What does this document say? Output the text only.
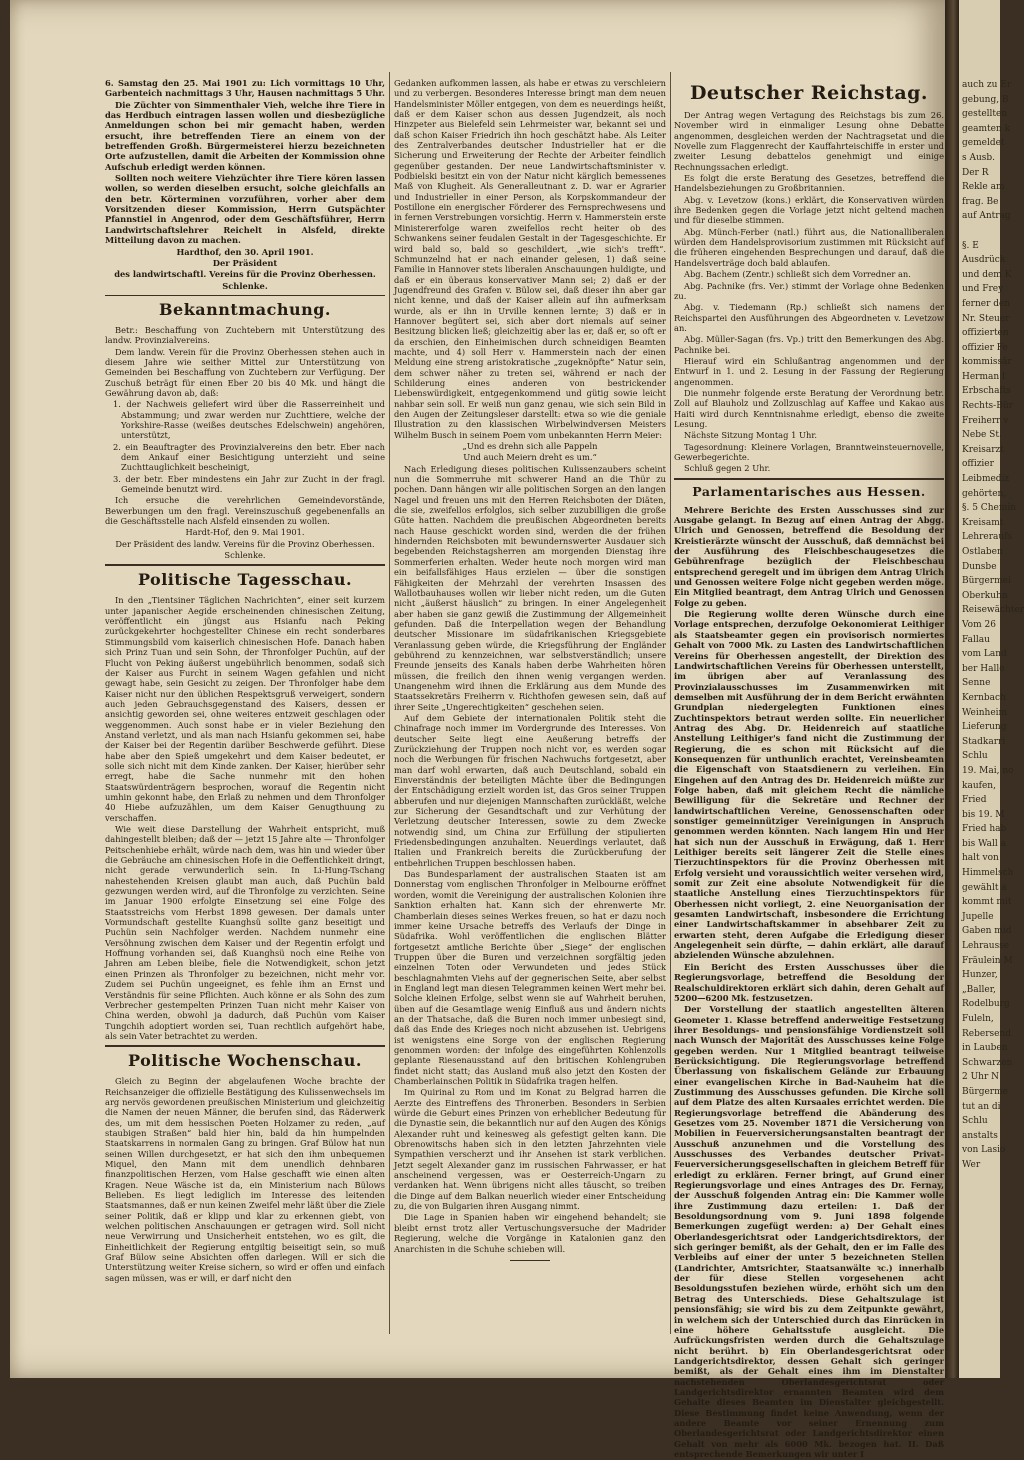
6. Samstag den 25. Mai 1901 zu: Lich vormittags 10 Uhr, Garbenteich nachmittags 3 Uhr, Hausen nachmittags 5 Uhr.

Die Züchter von Simmenthaler Vieh, welche ihre Tiere in das Herdbuch eintragen lassen wollen und diesbezügliche Anmeldungen schon bei mir gemacht haben, werden ersucht, ihre betreffenden Tiere an einem von der betreffenden Großh. Bürgermeisterei hierzu bezeichneten Orte aufzustellen, damit die Arbeiten der Kommission ohne Aufschub erledigt werden können.

Sollten noch weitere Viehzüchter ihre Tiere kören lassen wollen, so werden dieselben ersucht, solche gleichfalls an den betr. Körterminen vorzuführen, vorher aber dem Vorsitzenden dieser Kommission, Herrn Gutspächter Pfannstiel in Angenrod, oder dem Geschäftsführer, Herrn Landwirtschaftslehrer Reichelt in Alsfeld, direkte Mitteilung davon zu machen.

Hardthof, den 30. April 1901.

Der Präsident

des landwirtschaftl. Vereins für die Provinz Oberhessen.

Schlenke.

Bekanntmachung.

Betr.: Beschaffung von Zuchtebern mit Unterstützung des landw. Provinzialvereins.

Dem landw. Verein für die Provinz Oberhessen stehen auch in diesem Jahre wie seither Mittel zur Unterstützung von Gemeinden bei Beschaffung von Zuchtebern zur Verfügung. Der Zuschuß beträgt für einen Eber 20 bis 40 Mk. und hängt die Gewährung davon ab, daß:

1. der Nachweis geliefert wird über die Rasserreinheit und Abstammung; und zwar werden nur Zuchttiere, welche der Yorkshire-Rasse (weißes deutsches Edelschwein) angehören, unterstützt,

2. ein Beauftragter des Provinzialvereins den betr. Eber nach dem Ankauf einer Besichtigung unterzieht und seine Zuchttauglichkeit bescheinigt,

3. der betr. Eber mindestens ein Jahr zur Zucht in der fragl. Gemeinde benutzt wird.

Ich ersuche die verehrlichen Gemeindevorstände, Bewerbungen um den fragl. Vereinszuschuß gegebenenfalls an die Geschäftsstelle nach Alsfeld einsenden zu wollen.

Hardt-Hof, den 9. Mai 1901.

Der Präsident des landw. Vereins für die Provinz Oberhessen.

Schlenke.

Politische Tagesschau.

In den „Tientsiner Täglichen Nachrichten“, einer seit kurzem unter japanischer Aegide erscheinenden chinesischen Zeitung, veröffentlicht ein jüngst aus Hsianfu nach Peking zurückgekehrter hochgestellter Chinese ein recht sonderbares Stimmungsbild vom kaiserlich chinesischen Hofe. Danach haben sich Prinz Tuan und sein Sohn, der Thronfolger Puchün, auf der Flucht von Peking äußerst ungebührlich benommen, sodaß sich der Kaiser aus Furcht in seinem Wagen gefahlen und nicht gewagt habe, sein Gesicht zu zeigen. Der Thronfolger habe dem Kaiser nicht nur den üblichen Respektsgruß verweigert, sondern auch jeden Gebrauchsgegenstand des Kaisers, dessen er ansichtig geworden sei, ohne weiteres entzweit geschlagen oder weggenommen. Auch sonst habe er in vieler Beziehung den Anstand verletzt, und als man nach Hsianfu gekommen sei, habe der Kaiser bei der Regentin darüber Beschwerde geführt. Diese habe aber den Spieß umgekehrt und dem Kaiser bedeutet, er solle sich nicht mit dem Kinde zanken. Der Kaiser, hierüber sehr erregt, habe die Sache nunmehr mit den hohen Staatswürdenträgern besprochen, worauf die Regentin nicht umhin gekonnt habe, den Erlaß zu nehmen und dem Thronfolger 40 Hiebe aufzuzählen, um dem Kaiser Genugthuung zu verschaffen.

Wie weit diese Darstellung der Wahrheit entspricht, muß dahingestellt bleiben; daß der — jetzt 15 Jahre alte — Thronfolger Peitschenhiebe erhält, würde nach dem, was hin und wieder über die Gebräuche am chinesischen Hofe in die Oeffentlichkeit dringt, nicht gerade verwunderlich sein. In Li-Hung-Tschang nahestehenden Kreisen glaubt man auch, daß Puchün bald gezwungen werden wird, auf die Thronfolge zu verzichten. Seine im Januar 1900 erfolgte Einsetzung sei eine Folge des Staatsstreichs vom Herbst 1898 gewesen. Der damals unter Vormundschaft gestellte Kuanghsü sollte ganz beseitigt und Puchün sein Nachfolger werden. Nachdem nunmehr eine Versöhnung zwischen dem Kaiser und der Regentin erfolgt und Hoffnung vorhanden sei, daß Kuanghsü noch eine Reihe von Jahren am Leben bleibe, fiele die Notwendigkeit, schon jetzt einen Prinzen als Thronfolger zu bezeichnen, nicht mehr vor. Zudem sei Puchün ungeeignet, es fehle ihm an Ernst und Verständnis für seine Pflichten. Auch könne er als Sohn des zum Verbrecher gestempelten Prinzen Tuan nicht mehr Kaiser von China werden, obwohl ja dadurch, daß Puchün vom Kaiser Tungchih adoptiert worden sei, Tuan rechtlich aufgehört habe, als sein Vater betrachtet zu werden.

Politische Wochenschau.

Gleich zu Beginn der abgelaufenen Woche brachte der Reichsanzeiger die offizielle Bestätigung des Kulissenwechsels im arg nervös gewordenen preußischen Ministerium und gleichzeitig die Namen der neuen Männer, die berufen sind, das Räderwerk des, um mit dem hessischen Poeten Holzamer zu reden, „auf staubigen Straßen“ bald hier hin, bald da hin humpelnden Staatskarrens in normalen Gang zu bringen. Graf Bülow hat nun seinen Willen durchgesetzt, er hat sich den ihm unbequemen Miquel, den Mann mit dem unendlich dehnbaren finanzpolitischen Herzen, vom Halse geschafft wie einen alten Kragen. Neue Wäsche ist da, ein Ministerium nach Bülows Belieben. Es liegt lediglich im Interesse des leitenden Staatsmannes, daß er nun keinen Zweifel mehr läßt über die Ziele seiner Politik, daß er klipp und klar zu erkennen giebt, von welchen politischen Anschauungen er getragen wird. Soll nicht neue Verwirrung und Unsicherheit entstehen, wo es gilt, die Einheitlichkeit der Regierung entgiltig beiseitigt sein, so muß Graf Bülow seine Absichten offen darlegen. Will er sich die Unterstützung weiter Kreise sichern, so wird er offen und einfach sagen müssen, was er will, er darf nicht den

Gedanken aufkommen lassen, als habe er etwas zu verschleiern und zu verbergen. Besonderes Interesse bringt man dem neuen Handelsminister Möller entgegen, von dem es neuerdings heißt, daß er dem Kaiser schon aus dessen Jugendzeit, als noch Hinzpeter aus Bielefeld sein Lehrmeister war, bekannt sei und daß schon Kaiser Friedrich ihn hoch geschätzt habe. Als Leiter des Zentralverbandes deutscher Industrieller hat er die Sicherung und Erweiterung der Rechte der Arbeiter feindlich gegenüber gestanden. Der neue Landwirtschaftsminister v. Podbielski besitzt ein von der Natur nicht kärglich bemessenes Maß von Klugheit. Als Generalleutnant z. D. war er Agrarier und Industrieller in einer Person, als Korpskommandeur der Postillone ein energischer Förderer des Fernsprechwesens und in fernen Verstrebungen vorsichtig. Herrn v. Hammerstein erste Ministererfolge waren zweifellos recht heiter ob des Schwankens seiner feudalen Gestalt in der Tagesgeschichte. Er wird bald so, bald so geschildert, „wie sich's trefft“. Schmunzelnd hat er nach einander gelesen, 1) daß seine Familie in Hannover stets liberalen Anschauungen huldigte, und daß er ein überaus konservativer Mann sei; 2) daß er der Jugendfreund des Grafen v. Bülow sei, daß dieser ihn aber gar nicht kenne, und daß der Kaiser allein auf ihn aufmerksam wurde, als er ihn in Urville kennen lernte; 3) daß er in Hannover begütert sei, sich aber dort niemals auf seiner Besitzung blicken ließ; gleichzeitig aber las er, daß er, so oft er da erschien, den Einheimischen durch schneidigen Beamten machte, und 4) soll Herr v. Hammerstein nach der einen Meldung eine streng aristokratische „zugeknöpfte“ Natur sein, dem schwer näher zu treten sei, während er nach der Schilderung eines anderen von bestrickender Liebenswürdigkeit, entgegenkommend und gütig sowie leicht nahbar sein soll. Er weiß nun ganz genau, wie sich sein Bild in den Augen der Zeitungsleser darstellt: etwa so wie die geniale Illustration zu den klassischen Wirbelwindversen Meisters Wilhelm Busch in seinem Poem vom unbekannten Herrn Meier:

„Und es drehn sich alle Pappeln

Und auch Meiern dreht es um.“

Nach Erledigung dieses politischen Kulissenzaubers scheint nun die Sommerruhe mit schwerer Hand an die Thür zu pochen. Dann hängen wir alle politischen Sorgen an den langen Nagel und freuen uns mit den Herren Reichsboten der Diäten, die sie, zweifellos erfolglos, sich selber zuzubilligen die große Güte hatten. Nachdem die preußischen Abgeordneten bereits nach Hause geschickt worden sind, werden die der frühen hindernden Reichsboten mit bewundernswerter Ausdauer sich begebenden Reichstagsherren am morgenden Dienstag ihre Sommerferien erhalten. Weder heute noch morgen wird man ein beifallsfähiges Haus erzielen — über die sonstigen Fähigkeiten der Mehrzahl der verehrten Insassen des Wallotbauhauses wollen wir lieber nicht reden, um die Guten nicht „äußerst häuslich“ zu bringen. In einer Angelegenheit aber haben sie ganz gewiß die Zustimmung der Allgemeinheit gefunden. Daß die Interpellation wegen der Behandlung deutscher Missionare im südafrikanischen Kriegsgebiete Veranlassung geben würde, die Kriegsführung der Engländer gebührend zu kennzeichnen, war selbstverständlich; unsere Freunde jenseits des Kanals haben derbe Wahrheiten hören müssen, die freilich den ihnen wenig vergangen werden. Unangenehm wird ihnen die Erklärung aus dem Munde des Staatssekretärs Freiherrn v. Richthofen gewesen sein, daß auf ihrer Seite „Ungerechtigkeiten“ geschehen seien.

Auf dem Gebiete der internationalen Politik steht die Chinafrage noch immer im Vordergrunde des Interesses. Von deutscher Seite liegt eine Aeußerung betreffs der Zurückziehung der Truppen noch nicht vor, es werden sogar noch die Werbungen für frischen Nachwuchs fortgesetzt, aber man darf wohl erwarten, daß auch Deutschland, sobald ein Einverständnis der beteiligten Mächte über die Bedingungen der Entschädigung erzielt worden ist, das Gros seiner Truppen abberufen und nur diejenigen Mannschaften zurückläßt, welche zur Sicherung der Gesandtschaft und zur Verhütung der Verletzung deutscher Interessen, sowie zu dem Zwecke notwendig sind, um China zur Erfüllung der stipulierten Friedensbedingungen anzuhalten. Neuerdings verlautet, daß Italien und Frankreich bereits die Zurückberufung der entbehrlichen Truppen beschlossen haben.

Das Bundesparlament der australischen Staaten ist am Donnerstag vom englischen Thronfolger in Melbourne eröffnet worden, womit die Vereinigung der australischen Kolonien ihre Sanktion erhalten hat. Kann sich der ehrenwerte Mr. Chamberlain dieses seines Werkes freuen, so hat er dazu noch immer keine Ursache betreffs des Verlaufs der Dinge in Südafrika. Wohl veröffentlichen die englischen Blätter fortgesetzt amtliche Berichte über „Siege“ der englischen Truppen über die Buren und verzeichnen sorgfältig jeden einzelnen Toten oder Verwundeten und jedes Stück beschlagnahmten Viehs auf der gegnerischen Seite, aber selbst in England legt man diesen Telegrammen keinen Wert mehr bei. Solche kleinen Erfolge, selbst wenn sie auf Wahrheit beruhen, üben auf die Gesamtlage wenig Einfluß aus und ändern nichts an der Thatsache, daß die Buren noch immer unbesiegt sind, daß das Ende des Krieges noch nicht abzusehen ist. Uebrigens ist wenigstens eine Sorge von der englischen Regierung genommen worden: der infolge des eingeführten Kohlenzolls geplante Riesenausstand auf den britischen Kohlengruben findet nicht statt; das Ausland muß also jetzt den Kosten der Chamberlainschen Politik in Südafrika tragen helfen.

Im Quirinal zu Rom und im Konat zu Belgrad harren die Aerzte des Eintreffens des Thronerben. Besonders in Serbien würde die Geburt eines Prinzen von erheblicher Bedeutung für die Dynastie sein, die bekanntlich nur auf den Augen des Königs Alexander ruht und keinesweg als gefestigt gelten kann. Die Obrenowitschs haben sich in den letzten Jahrzehnten viele Sympathien verscherzt und ihr Ansehen ist stark verblichen. Jetzt segelt Alexander ganz im russischen Fahrwasser, er hat anscheinend vergessen, was er Oesterreich-Ungarn zu verdanken hat. Wenn übrigens nicht alles täuscht, so treiben die Dinge auf dem Balkan neuerlich wieder einer Entscheidung zu, die von Bulgarien ihren Ausgang nimmt.

Die Lage in Spanien haben wir eingehend behandelt; sie bleibt ernst trotz aller Vertuschungsversuche der Madrider Regierung, welche die Vorgänge in Katalonien ganz den Anarchisten in die Schuhe schieben will.

Deutscher Reichstag.

Der Antrag wegen Vertagung des Reichstags bis zum 26. November wird in einmaliger Lesung ohne Debatte angenommen, desgleichen werden der Nachtragsetat und die Novelle zum Flaggenrecht der Kauffahrteischiffe in erster und zweiter Lesung debattelos genehmigt und einige Rechnungssachen erledigt.

Es folgt die erste Beratung des Gesetzes, betreffend die Handelsbeziehungen zu Großbritannien.

Abg. v. Levetzow (kons.) erklärt, die Konservativen würden ihre Bedenken gegen die Vorlage jetzt nicht geltend machen und für dieselbe stimmen.

Abg. Münch-Ferber (natl.) führt aus, die Nationalliberalen würden dem Handelsprovisorium zustimmen mit Rücksicht auf die früheren eingehenden Besprechungen und darauf, daß die Handelsverträge doch bald ablaufen.

Abg. Bachem (Zentr.) schließt sich dem Vorredner an.

Abg. Pachnike (frs. Ver.) stimmt der Vorlage ohne Bedenken zu.

Abg. v. Tiedemann (Rp.) schließt sich namens der Reichspartei den Ausführungen des Abgeordneten v. Levetzow an.

Abg. Müller-Sagan (frs. Vp.) tritt den Bemerkungen des Abg. Pachnike bei.

Hierauf wird ein Schlußantrag angenommen und der Entwurf in 1. und 2. Lesung in der Fassung der Regierung angenommen.

Die nunmehr folgende erste Beratung der Verordnung betr. Zoll auf Blauholz und Zollzuschlag auf Kaffee und Kakao aus Haiti wird durch Kenntnisnahme erledigt, ebenso die zweite Lesung.

Nächste Sitzung Montag 1 Uhr.

Tagesordnung: Kleinere Vorlagen, Branntweinsteuernovelle, Gewerbegerichte.

Schluß gegen 2 Uhr.

Parlamentarisches aus Hessen.

Mehrere Berichte des Ersten Ausschusses sind zur Ausgabe gelangt. In Bezug auf einen Antrag der Abgg. Ulrich und Genossen, betreffend die Besoldung der Kreistierärzte wünscht der Ausschuß, daß demnächst bei der Ausführung des Fleischbeschaugesetzes die Gebührenfrage bezüglich der Fleischbeschau entsprechend geregelt und im übrigen dem Antrag Ulrich und Genossen weitere Folge nicht gegeben werden möge. Ein Mitglied beantragt, dem Antrag Ulrich und Genossen Folge zu geben.

Die Regierung wollte deren Wünsche durch eine Vorlage entsprechen, derzufolge Oekonomierat Leithiger als Staatsbeamter gegen ein provisorisch normiertes Gehalt von 7000 Mk. zu Lasten des Landwirtschaftlichen Vereins für Oberhessen angestellt, der Direktion des Landwirtschaftlichen Vereins für Oberhessen unterstellt, im übrigen aber auf Veranlassung des Provinzialausschusses im Zusammenwirken mit demselben mit Ausführung der in dem Bericht erwähnten Grundplan niedergelegten Funktionen eines Zuchtinspektors betraut werden sollte. Ein neuerlicher Antrag des Abg. Dr. Heidenreich auf staatliche Anstellung Leithiger's fand nicht die Zustimmung der Regierung, die es schon mit Rücksicht auf die Konsequenzen für unthunlich erachtet, Vereinsbeamten die Eigenschaft von Staatsdienern zu verleihen. Ein Eingehen auf den Antrag des Dr. Heidenreich müßte zur Folge haben, daß mit gleichem Recht die nämliche Bewilligung für die Sekretäre und Rechner der landwirtschaftlichen Vereine, Genossenschaften oder sonstiger gemeinnütziger Vereinigungen in Anspruch genommen werden könnten. Nach langem Hin und Her hat sich nun der Ausschuß in Erwägung, daß 1. Herr Leithiger bereits seit längerer Zeit die Stelle eines Tierzuchtinspektors für die Provinz Oberhessen mit Erfolg versieht und voraussichtlich weiter versehen wird, somit zur Zeit eine absolute Notwendigkeit für die staatliche Anstellung eines Tierzuchtinspektors für Oberhessen nicht vorliegt, 2. eine Neuorganisation der gesamten Landwirtschaft, insbesondere die Errichtung einer Landwirtschaftskammer in absehbarer Zeit zu erwarten steht, deren Aufgabe die Erledigung dieser Angelegenheit sein dürfte, — dahin erklärt, alle darauf abzielenden Wünsche abzulehnen.

Ein Bericht des Ersten Ausschusses über die Regierungsvorlage, betreffend die Besoldung der Realschuldirektoren erklärt sich dahin, deren Gehalt auf 5200—6200 Mk. festzusetzen.

Der Vorstellung der staatlich angestellten älteren Geometer 1. Klasse betreffend anderweitige Festsetzung ihrer Besoldungs- und pensionsfähige Vordienstzeit soll nach Wunsch der Majorität des Ausschusses keine Folge gegeben werden. Nur 1 Mitglied beantragt teilweise Berücksichtigung. Die Regierungsvorlage betreffend Überlassung von fiskalischem Gelände zur Erbauung einer evangelischen Kirche in Bad-Nauheim hat die Zustimmung des Ausschusses gefunden. Die Kirche soll auf dem Platze des alten Kursaales errichtet werden. Die Regierungsvorlage betreffend die Abänderung des Gesetzes vom 25. November 1871 die Versicherung von Mobilien in Feuerversicherungsanstalten beantragt der Ausschuß anzunehmen und die Vorstellung des Ausschusses des Verbandes deutscher Privat-Feuerversicherungsgesellschaften in gleichem Betreff für erledigt zu erklären. Ferner bringt, auf Grund einer Regierungsvorlage und eines Antrages des Dr. Fernay, der Ausschuß folgenden Antrag ein: Die Kammer wolle ihre Zustimmung dazu erteilen: 1. Daß der Besoldungsordnung vom 9. Juni 1898 folgende Bemerkungen zugefügt werden: a) Der Gehalt eines Oberlandesgerichtsrat oder Landgerichtsdirektors, der sich geringer bemißt, als der Gehalt, den er im Falle des Verbleibs auf einer der unter 5 bezeichneten Stellen (Landrichter, Amtsrichter, Staatsanwälte ꝛc.) innerhalb der für diese Stellen vorgesehenen acht Besoldungsstufen beziehen würde, erhöht sich um den Betrag des Unterschieds. Diese Gehaltszulage ist pensionsfähig; sie wird bis zu dem Zeitpunkte gewährt, in welchem sich der Unterschied durch das Einrücken in eine höhere Gehaltsstufe ausgleicht. Die Aufrückungsfristen werden durch die Gehaltszulage nicht berührt. b) Ein Oberlandesgerichtsrat oder Landgerichtsdirektor, dessen Gehalt sich geringer bemißt, als der Gehalt eines ihm im Dienstalter nachstehenden Oberlandesgerichtsrat oder Landgerichtsdirektor ernannten Beamten wird dem Gehalte dieses Beamten im Dienstalter gleichgestellt. Diese Bestimmung findet keine Anwendung, wenn der andere Beamte vor seiner Ernennung zum Oberlandesgerichtsrat oder Landgerichtsdirektor einen Gehalt von mehr als 6000 Mk. bezogen hat. II. Daß entsprechende Bemerkungen wir unter I

auch zu Er
gebung, B
gestellten
geamten k
gemeldet
s Ausb.
Der R
Rekle am
frag. Be
auf Antrag

§. E
Ausdrück
und dem K
und Frey
ferner den
Nr. Steuer
offizierten
offizier Fe
kommissär
Herman l
Erbschafts
Rechts-Bür
Freiherr v
Nebe St.
Kreisarzt
offizier
Leibmediz
gehörten,
§. 5 Chemin
Kreisamt
Lehreraufs
Ostlaben
Dunsbe
Bürgermei
Oberkuhn
Reisewächter
Vom 26
Fallau
vom Land
ber Halle
Senne
Kernbach
Weinheim
Lieferung
Stadkarri
Schlu
19. Mai, no
kaufen,
Fried
bis 19. M
Fried hab
bis Wall a
halt von
Himmelsch
gewählt a
kommt mit
Jupelle
Gaben mid
Lehrausse
Fräulein M
Hunzer,
„Baller,
Rodelburg
Fuleln,
Rebersend
in Lauben
Schwarzen
2 Uhr N
Bürgerme
tut an di
Schlu
anstalts
von Lasio
Wer
